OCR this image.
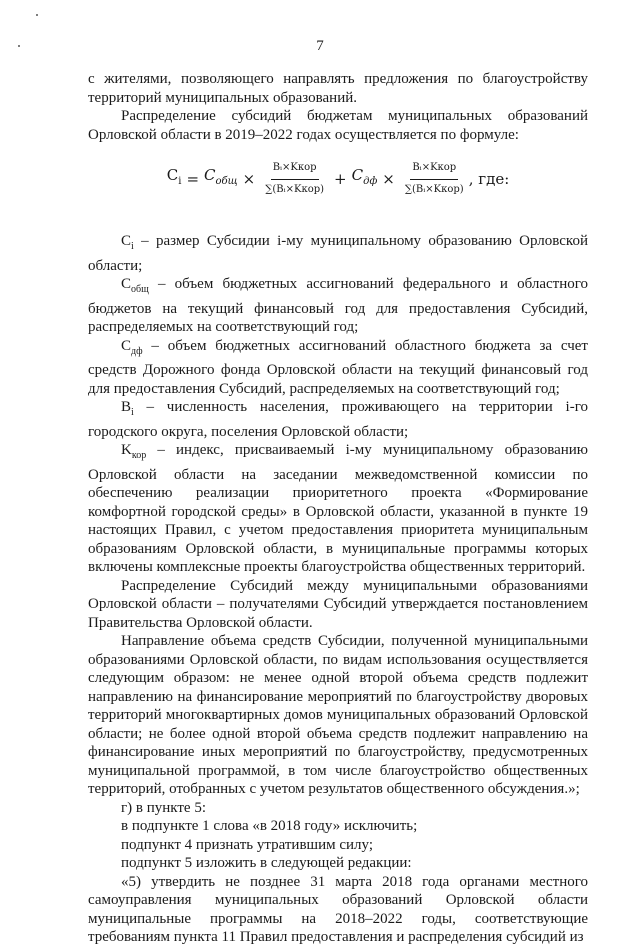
7

с жителями, позволяющего направлять предложения по благоустройству территорий муниципальных образований.

Распределение субсидий бюджетам муниципальных образований Орловской области в 2019–2022 годах осуществляется по формуле:

$C_i = C_{общ} \times \frac{\text{Bᵢ×Kкор}}{\text{∑(Bᵢ×Kкор)}} + C_{дф} \times \frac{\text{Bᵢ×Kкор}}{\text{∑(Bᵢ×Kкор)}}$ , где:

$C_i$ – размер Субсидии i-му муниципальному образованию Орловской области;

$C_{общ}$ – объем бюджетных ассигнований федерального и областного бюджетов на текущий финансовый год для предоставления Субсидий, распределяемых на соответствующий год;

$C_{дф}$ – объем бюджетных ассигнований областного бюджета за счет средств Дорожного фонда Орловской области на текущий финансовый год для предоставления Субсидий, распределяемых на соответствующий год;

$B_i$ – численность населения, проживающего на территории i-го городского округа, поселения Орловской области;

$K_{кор}$ – индекс, присваиваемый i-му муниципальному образованию Орловской области на заседании межведомственной комиссии по обеспечению реализации приоритетного проекта «Формирование комфортной городской среды» в Орловской области, указанной в пункте 19 настоящих Правил, с учетом предоставления приоритета муниципальным образованиям Орловской области, в муниципальные программы которых включены комплексные проекты благоустройства общественных территорий.

Распределение Субсидий между муниципальными образованиями Орловской области – получателями Субсидий утверждается постановлением Правительства Орловской области.

Направление объема средств Субсидии, полученной муниципальными образованиями Орловской области, по видам использования осуществляется следующим образом: не менее одной второй объема средств подлежит направлению на финансирование мероприятий по благоустройству дворовых территорий многоквартирных домов муниципальных образований Орловской области; не более одной второй объема средств подлежит направлению на финансирование иных мероприятий по благоустройству, предусмотренных муниципальной программой, в том числе благоустройство общественных территорий, отобранных с учетом результатов общественного обсуждения.»;

г) в пункте 5:

в подпункте 1 слова «в 2018 году» исключить;

подпункт 4 признать утратившим силу;

подпункт 5 изложить в следующей редакции:

«5) утвердить не позднее 31 марта 2018 года органами местного самоуправления муниципальных образований Орловской области муниципальные программы на 2018–2022 годы, соответствующие требованиям пункта 11 Правил предоставления и распределения субсидий из
